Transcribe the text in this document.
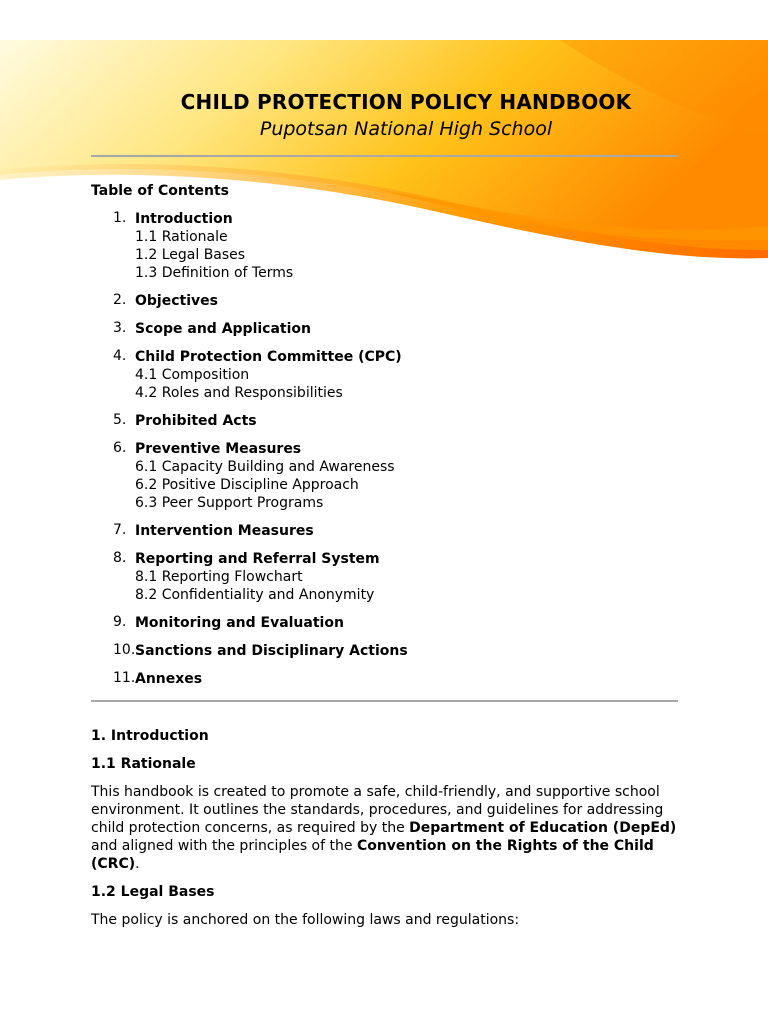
CHILD PROTECTION POLICY HANDBOOK
Pupotsan National High School
Table of Contents
1. Introduction
1.1 Rationale
1.2 Legal Bases
1.3 Definition of Terms
2. Objectives
3. Scope and Application
4. Child Protection Committee (CPC)
4.1 Composition
4.2 Roles and Responsibilities
5. Prohibited Acts
6. Preventive Measures
6.1 Capacity Building and Awareness
6.2 Positive Discipline Approach
6.3 Peer Support Programs
7. Intervention Measures
8. Reporting and Referral System
8.1 Reporting Flowchart
8.2 Confidentiality and Anonymity
9. Monitoring and Evaluation
10. Sanctions and Disciplinary Actions
11. Annexes
1. Introduction
1.1 Rationale
This handbook is created to promote a safe, child-friendly, and supportive school environment. It outlines the standards, procedures, and guidelines for addressing child protection concerns, as required by the Department of Education (DepEd) and aligned with the principles of the Convention on the Rights of the Child (CRC).
1.2 Legal Bases
The policy is anchored on the following laws and regulations:
